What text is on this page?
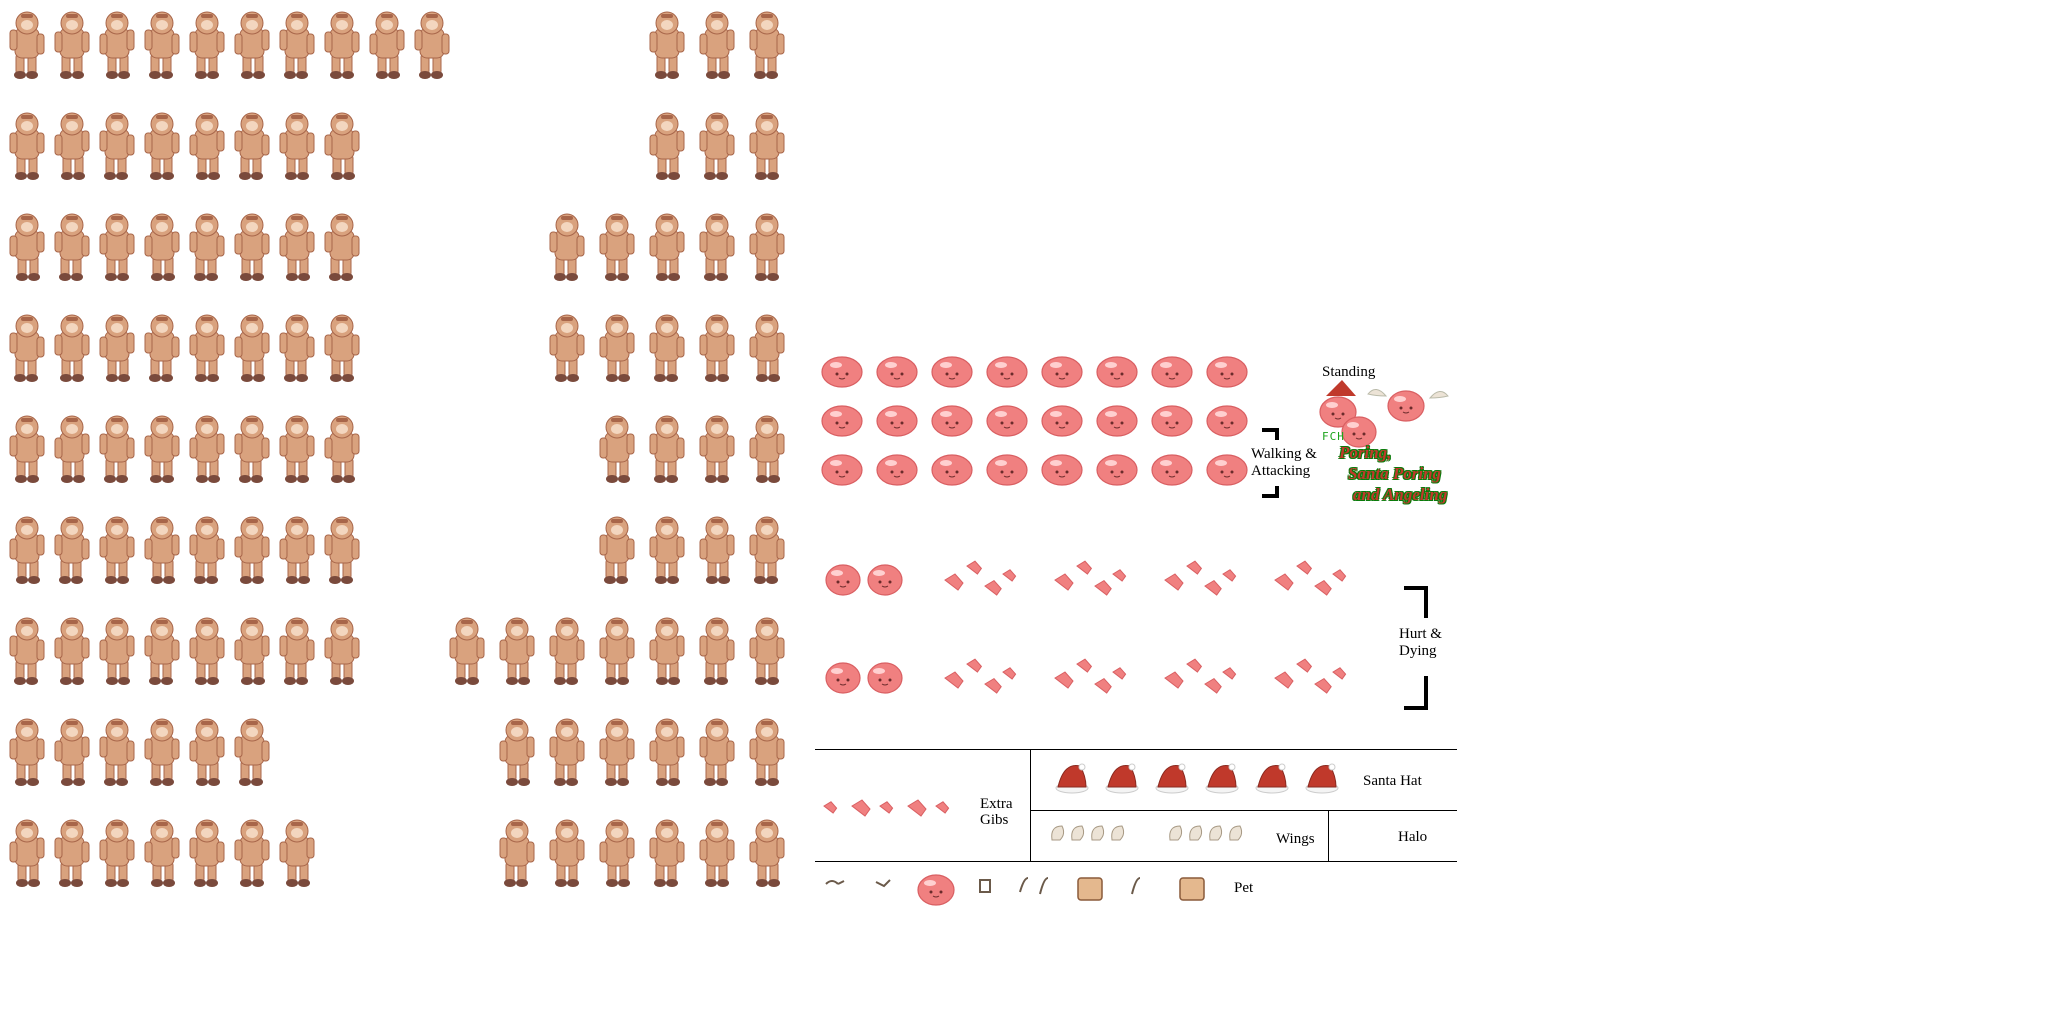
Standing
Walking &
Attacking
Hurt &
Dying
Extra
Gibs
Santa Hat
Wings	Halo
Pet
FCH
Poring,
Santa Poring
and Angeling
